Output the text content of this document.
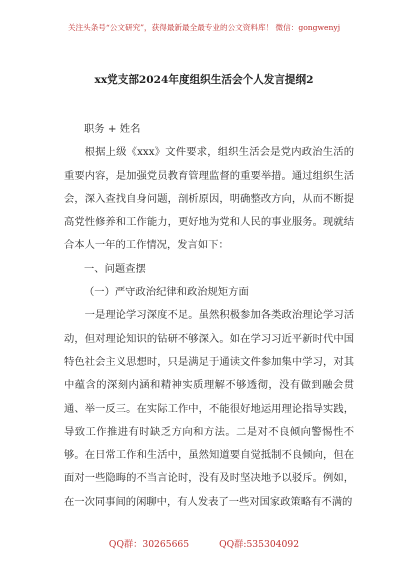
关注头条号“公文研究”，获得最新最全最专业的公文资料库！ 微信：gongwenyj
xx党支部2024年度组织生活会个人发言提纲2

职务 + 姓名

根据上级《xxx》文件要求，组织生活会是党内政治生活的重要内容，是加强党员教育管理监督的重要举措。通过组织生活会，深入查找自身问题，剖析原因，明确整改方向，从而不断提高党性修养和工作能力，更好地为党和人民的事业服务。现就结合本人一年的工作情况，发言如下：

一、问题查摆

（一）严守政治纪律和政治规矩方面

一是理论学习深度不足。虽然积极参加各类政治理论学习活动，但对理论知识的钻研不够深入。如在学习习近平新时代中国特色社会主义思想时，只是满足于通读文件参加集中学习，对其中蕴含的深刻内涵和精神实质理解不够透彻，没有做到融会贯通、举一反三。在实际工作中，不能很好地运用理论指导实践，导致工作推进有时缺乏方向和方法。二是对不良倾向警惕性不够。在日常工作和生活中，虽然知道要自觉抵制不良倾向，但在面对一些隐晦的不当言论时，没有及时坚决地予以驳斥。例如，在一次同事间的闲聊中，有人发表了一些对国家政策略有不满的

QQ群：30265665	QQ群:535304092
